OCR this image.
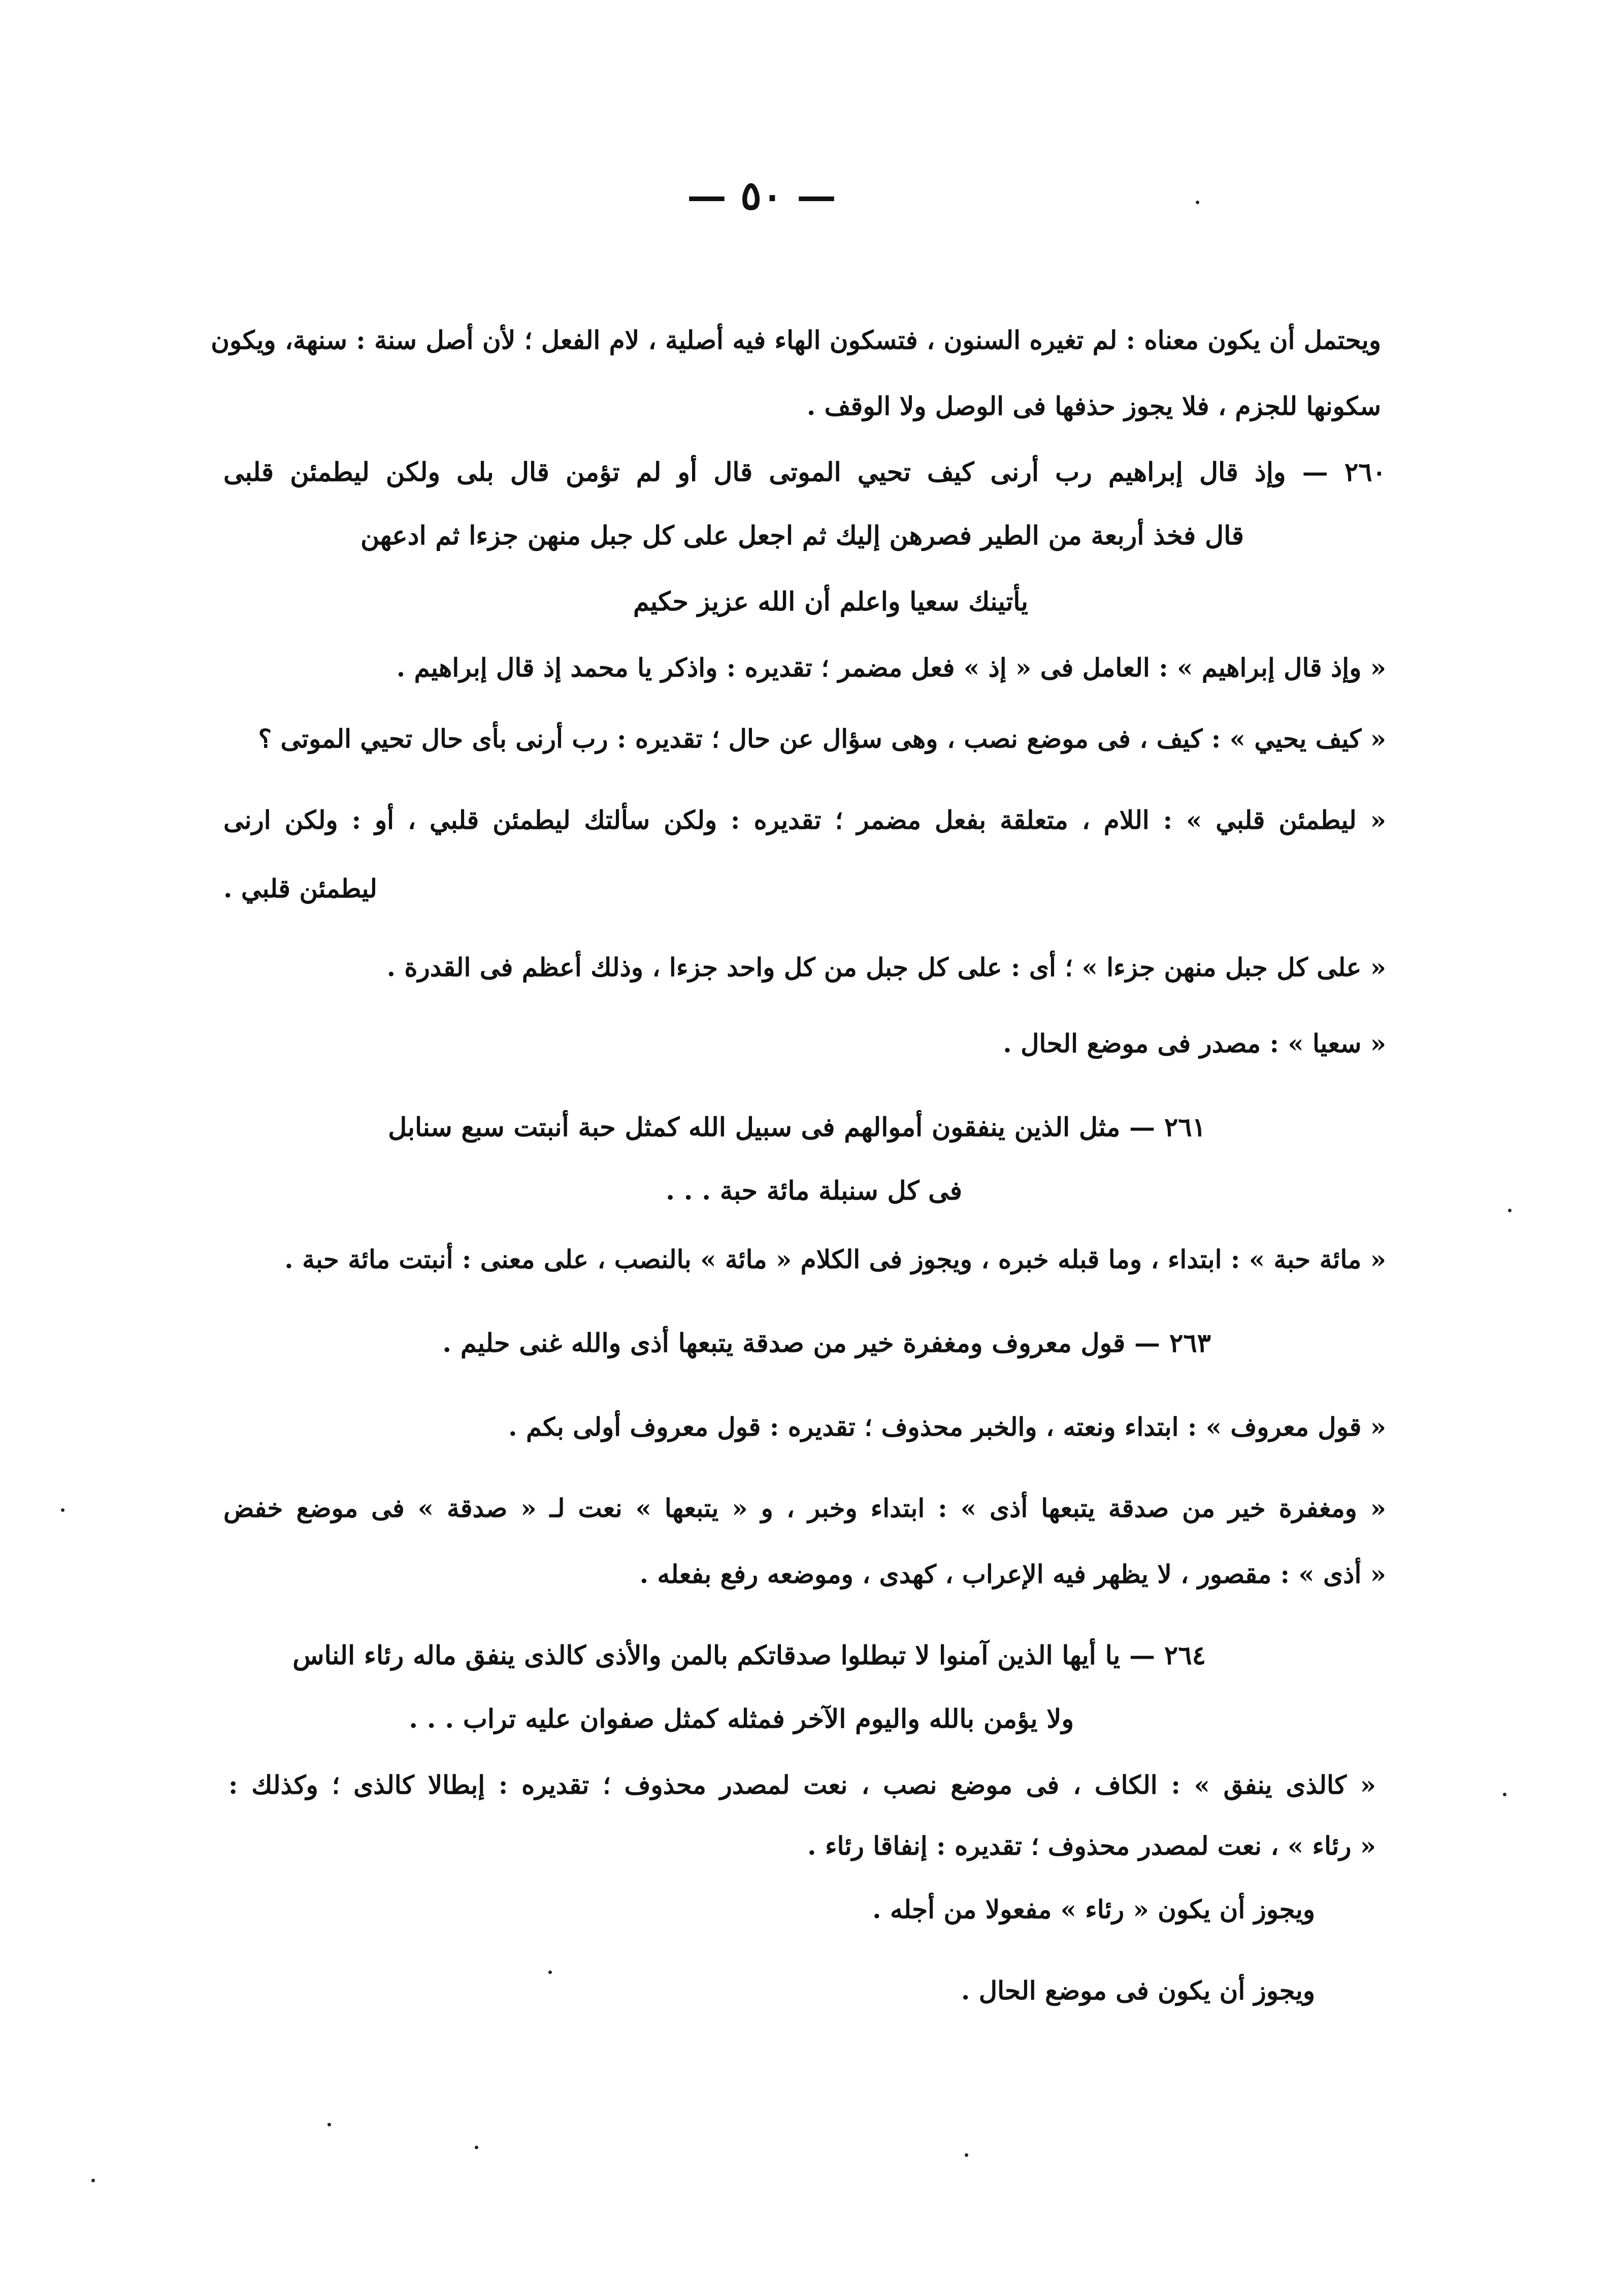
— ٥٠ —
ويحتمل أن يكون معناه : لم تغيره السنون ، فتسكون الهاء فيه أصلية ، لام الفعل ؛ لأن أصل سنة : سنهة، ويكون
سكونها للجزم ، فلا يجوز حذفها فى الوصل ولا الوقف .
٢٦٠ — وإذ قال إبراهيم رب أرنى كيف تحيي الموتى قال أو لم تؤمن قال بلى ولكن ليطمئن قلبى
قال فخذ أربعة من الطير فصرهن إليك ثم اجعل على كل جبل منهن جزءا ثم ادعهن
يأتينك سعيا واعلم أن الله عزيز حكيم
« وإذ قال إبراهيم » : العامل فى « إذ » فعل مضمر ؛ تقديره : واذكر يا محمد إذ قال إبراهيم .
« كيف يحيي » : كيف ، فى موضع نصب ، وهى سؤال عن حال ؛ تقديره : رب أرنى بأى حال تحيي الموتى ؟
« ليطمئن قلبي » : اللام ، متعلقة بفعل مضمر ؛ تقديره : ولكن سألتك ليطمئن قلبي ، أو : ولكن ارنى
ليطمئن قلبي .
« على كل جبل منهن جزءا » ؛ أى : على كل جبل من كل واحد جزءا ، وذلك أعظم فى القدرة .
« سعيا » : مصدر فى موضع الحال .
٢٦١ — مثل الذين ينفقون أموالهم فى سبيل الله كمثل حبة أنبتت سبع سنابل
فى كل سنبلة مائة حبة . . .
« مائة حبة » : ابتداء ، وما قبله خبره ، ويجوز فى الكلام « مائة » بالنصب ، على معنى : أنبتت مائة حبة .
٢٦٣ — قول معروف ومغفرة خير من صدقة يتبعها أذى والله غنى حليم .
« قول معروف » : ابتداء ونعته ، والخبر محذوف ؛ تقديره : قول معروف أولى بكم .
« ومغفرة خير من صدقة يتبعها أذى » : ابتداء وخبر ، و « يتبعها » نعت لـ « صدقة » فى موضع خفض
« أذى » : مقصور ، لا يظهر فيه الإعراب ، كهدى ، وموضعه رفع بفعله .
٢٦٤ — يا أيها الذين آمنوا لا تبطلوا صدقاتكم بالمن والأذى كالذى ينفق ماله رئاء الناس
ولا يؤمن بالله واليوم الآخر فمثله كمثل صفوان عليه تراب . . .
« كالذى ينفق » : الكاف ، فى موضع نصب ، نعت لمصدر محذوف ؛ تقديره : إبطالا كالذى ؛ وكذلك :
« رئاء » ، نعت لمصدر محذوف ؛ تقديره : إنفاقا رئاء .
ويجوز أن يكون « رئاء » مفعولا من أجله .
ويجوز أن يكون فى موضع الحال .
